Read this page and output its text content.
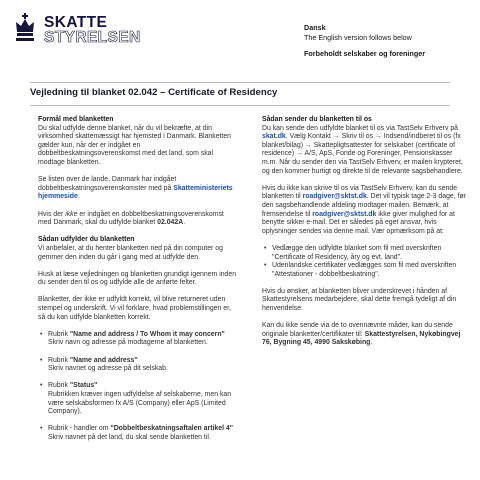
SKATTE
STYRELSEN
Dansk
The English version follows below
Forbeholdt selskaber og foreninger
Vejledning til blanket 02.042 – Certificate of Residency
Formål med blanketten

Du skal udfylde denne blanket, når du vil bekræfte, at din virksomhed skattemæssigt har hjemsted i Danmark. Blanketten gælder kun, når der er indgået en dobbeltbeskatningsoverenskomst med det land, som skal modtage blanketten.

Se listen over de lande, Danmark har indgået dobbeltbeskatningsoverenskomster med på Skatteministeriets hjemmeside.

Hvis der ikke er indgået en dobbeltbeskatningsoverenskomst med Danmark, skal du udfylde blanket 02.042A.

Sådan udfylder du blanketten

Vi anbefaler, at du henter blanketten ned på din computer og gemmer den inden du går i gang med at udfylde den.

Husk at læse vejledningen og blanketten grundigt igennem inden du sender den til os og udfylde alle de anførte felter.

Blanketter, der ikke er udfyldt korrekt, vil blive returneret uden stempel og underskrift. Vi vil forklare, hvad problemstillingen er, så du kan udfylde blanketten korrekt.

• Rubrik "Name and address / To Whom it may concern"
Skriv navn og adresse på modtagerne af blanketten.
• Rubrik "Name and address"
Skriv navnet og adresse på dit selskab.
• Rubrik "Status"
Rubrikken kræver ingen udfyldelse af selskaberne, men kan være selskabsformen fx A/S (Company) eller ApS (Limited Company).
• Rubrik - handler om "Dobbeltbeskatningsaftalen artikel 4"
Skriv navnet på det land, du skal sende blanketten til.
Sådan sender du blanketten til os

Du kan sende den udfyldte blanket til os via TastSelv Erhverv på skat.dk. Vælg Kontakt → Skriv til os → Indsend/indberet til os (fx blanket/bilag) → Skattepligtsattester for selskaber (certificate of residence) → A/S, ApS, Fonde og Foreninger, Pensionskasser m.m. Når du sender den via TastSelv Erhverv, er mailen krypteret, og den kommer hurtigt og direkte til de relevante sagsbehandlere.

Hvis du ikke kan skrive til os via TastSelv Erhverv, kan du sende blanketten til roadgiver@sktst.dk. Det vil typisk tage 2-3 dage, før den sagsbehandlende afdeling modtager mailen. Bemærk, at fremsendelse til roadgiver@sktst.dk ikke giver mulighed for at benytte sikker e-mail. Det er således på eget ansvar, hvis oplysninger sendes via denne mail. Vær opmærksom på at:

• Vedlægge den udfyldte blanket som fil med overskriften "Certificate of Residency, åry og evt. land".
• Udenlandske certifikater vedlægges som fil med overskriften "Attestationer - dobbeltbeskatning".

Hvis du ønsker, at blanketten bliver underskrevet i hånden af Skattestyrelsens medarbejdere, skal dette fremgå tydeligt af din henvendelse.

Kan du ikke sende via de to ovennævnte måder, kan du sende originale blanketter/certifikater til: Skattestyrelsen, Nykøbingvej 76, Bygning 45, 4990 Sakskøbing.
